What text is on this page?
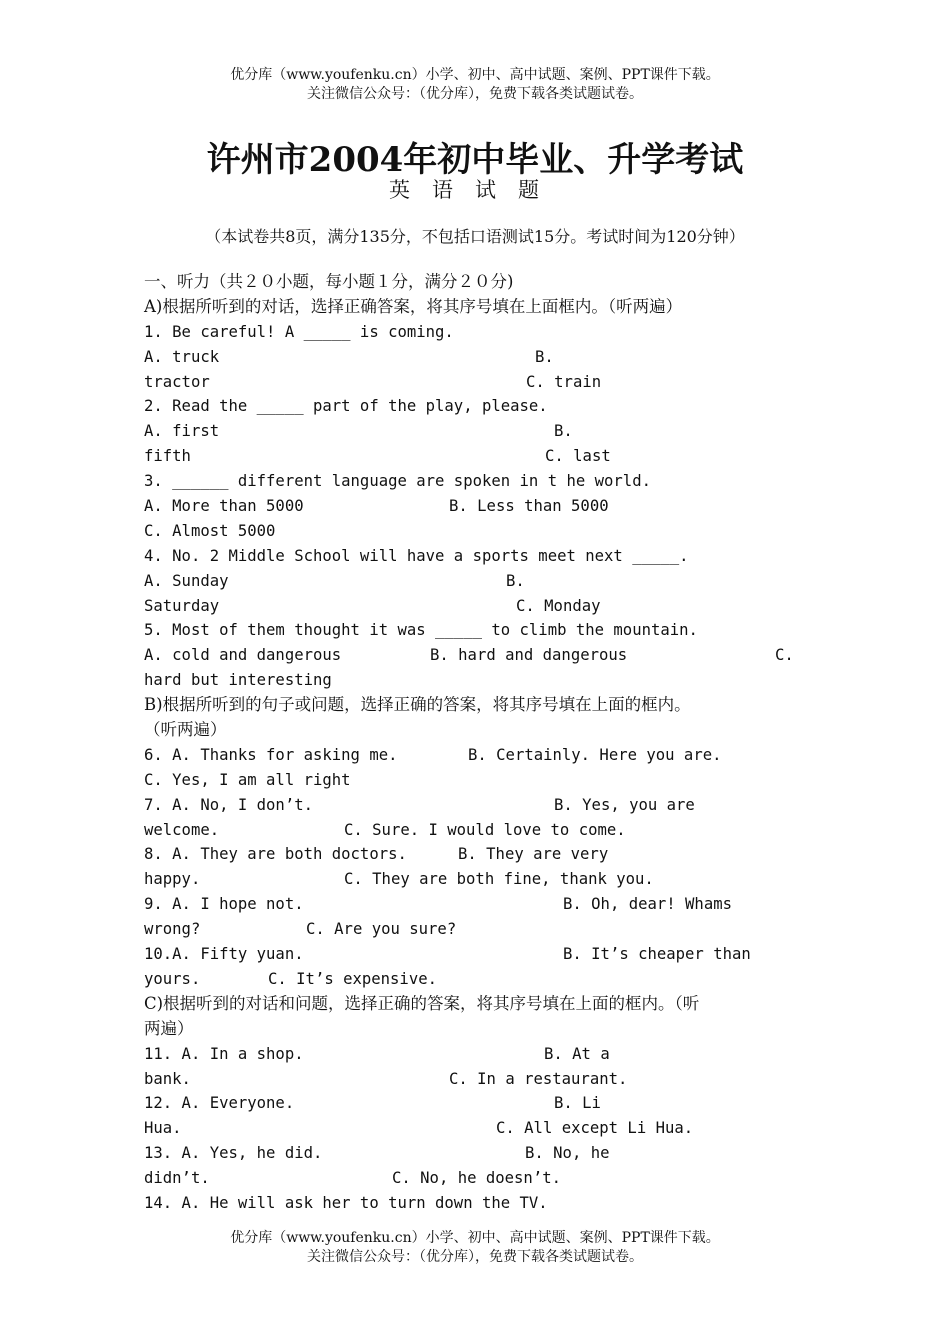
优分库（www.youfenku.cn）小学、初中、高中试题、案例、PPT课件下载。
关注微信公众号：（优分库），免费下载各类试题试卷。
许州市2004年初中毕业、升学考试
英语试题
（本试卷共8页，满分135分，不包括口语测试15分。考试时间为120分钟）
一、听力（共２０小题，每小题１分，满分２０分)
A)根据所听到的对话，选择正确答案，将其序号填在上面框内。（听两遍）
1. Be careful! A _____ is coming.
A. truck	B.
tractor	C. train
2. Read the _____ part of the play, please.
A. first	B.
fifth	C. last
3. ______ different language are spoken in t he world.
A. More than 5000	B. Less than 5000
C. Almost 5000
4. No. 2 Middle School will have a sports meet next _____.
A. Sunday	B.
Saturday	C. Monday
5. Most of them thought it was _____ to climb the mountain.
A. cold and dangerous	B. hard and dangerous	C.
hard but interesting
B)根据所听到的句子或问题，选择正确的答案，将其序号填在上面的框内。
（听两遍）
6. A. Thanks for asking me.	B. Certainly. Here you are.
C. Yes, I am all right
7. A. No, I don’t.	B. Yes, you are
welcome.	C. Sure. I would love to come.
8. A. They are both doctors.	B. They are very
happy.	C. They are both fine, thank you.
9. A. I hope not.	B. Oh, dear! Whams
wrong?	C. Are you sure?
10.A. Fifty yuan.	B. It’s cheaper than
yours.	C. It’s expensive.
C)根据听到的对话和问题，选择正确的答案，将其序号填在上面的框内。（听
两遍）
11. A. In a shop.	B. At a
bank.	C. In a restaurant.
12. A. Everyone.	B. Li
Hua.	C. All except Li Hua.
13. A. Yes, he did.	B. No, he
didn’t.	C. No, he doesn’t.
14. A. He will ask her to turn down the TV.
优分库（www.youfenku.cn）小学、初中、高中试题、案例、PPT课件下载。
关注微信公众号：（优分库），免费下载各类试题试卷。
